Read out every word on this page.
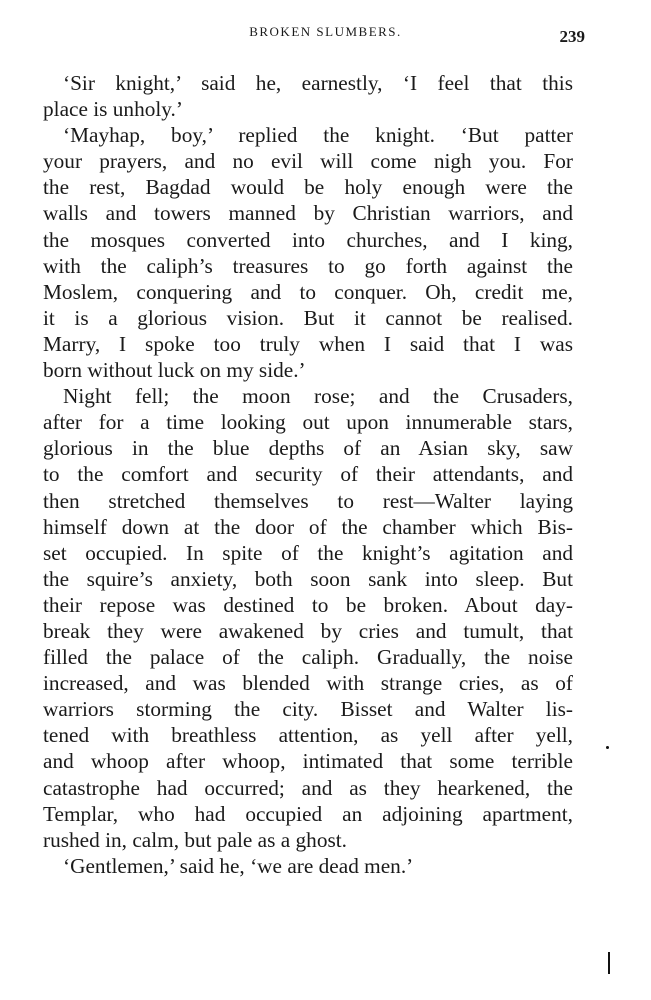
BROKEN SLUMBERS.	239
‘Sir knight,’ said he, earnestly, ‘I feel that this
place is unholy.’
‘Mayhap, boy,’ replied the knight. ‘But patter
your prayers, and no evil will come nigh you. For
the rest, Bagdad would be holy enough were the
walls and towers manned by Christian warriors, and
the mosques converted into churches, and I king,
with the caliph’s treasures to go forth against the
Moslem, conquering and to conquer. Oh, credit me,
it is a glorious vision. But it cannot be realised.
Marry, I spoke too truly when I said that I was
born without luck on my side.’
Night fell; the moon rose; and the Crusaders,
after for a time looking out upon innumerable stars,
glorious in the blue depths of an Asian sky, saw
to the comfort and security of their attendants, and
then stretched themselves to rest—Walter laying
himself down at the door of the chamber which Bis-
set occupied. In spite of the knight’s agitation and
the squire’s anxiety, both soon sank into sleep. But
their repose was destined to be broken. About day-
break they were awakened by cries and tumult, that
filled the palace of the caliph. Gradually, the noise
increased, and was blended with strange cries, as of
warriors storming the city. Bisset and Walter lis-
tened with breathless attention, as yell after yell,
and whoop after whoop, intimated that some terrible
catastrophe had occurred; and as they hearkened, the
Templar, who had occupied an adjoining apartment,
rushed in, calm, but pale as a ghost.
‘Gentlemen,’ said he, ‘we are dead men.’
